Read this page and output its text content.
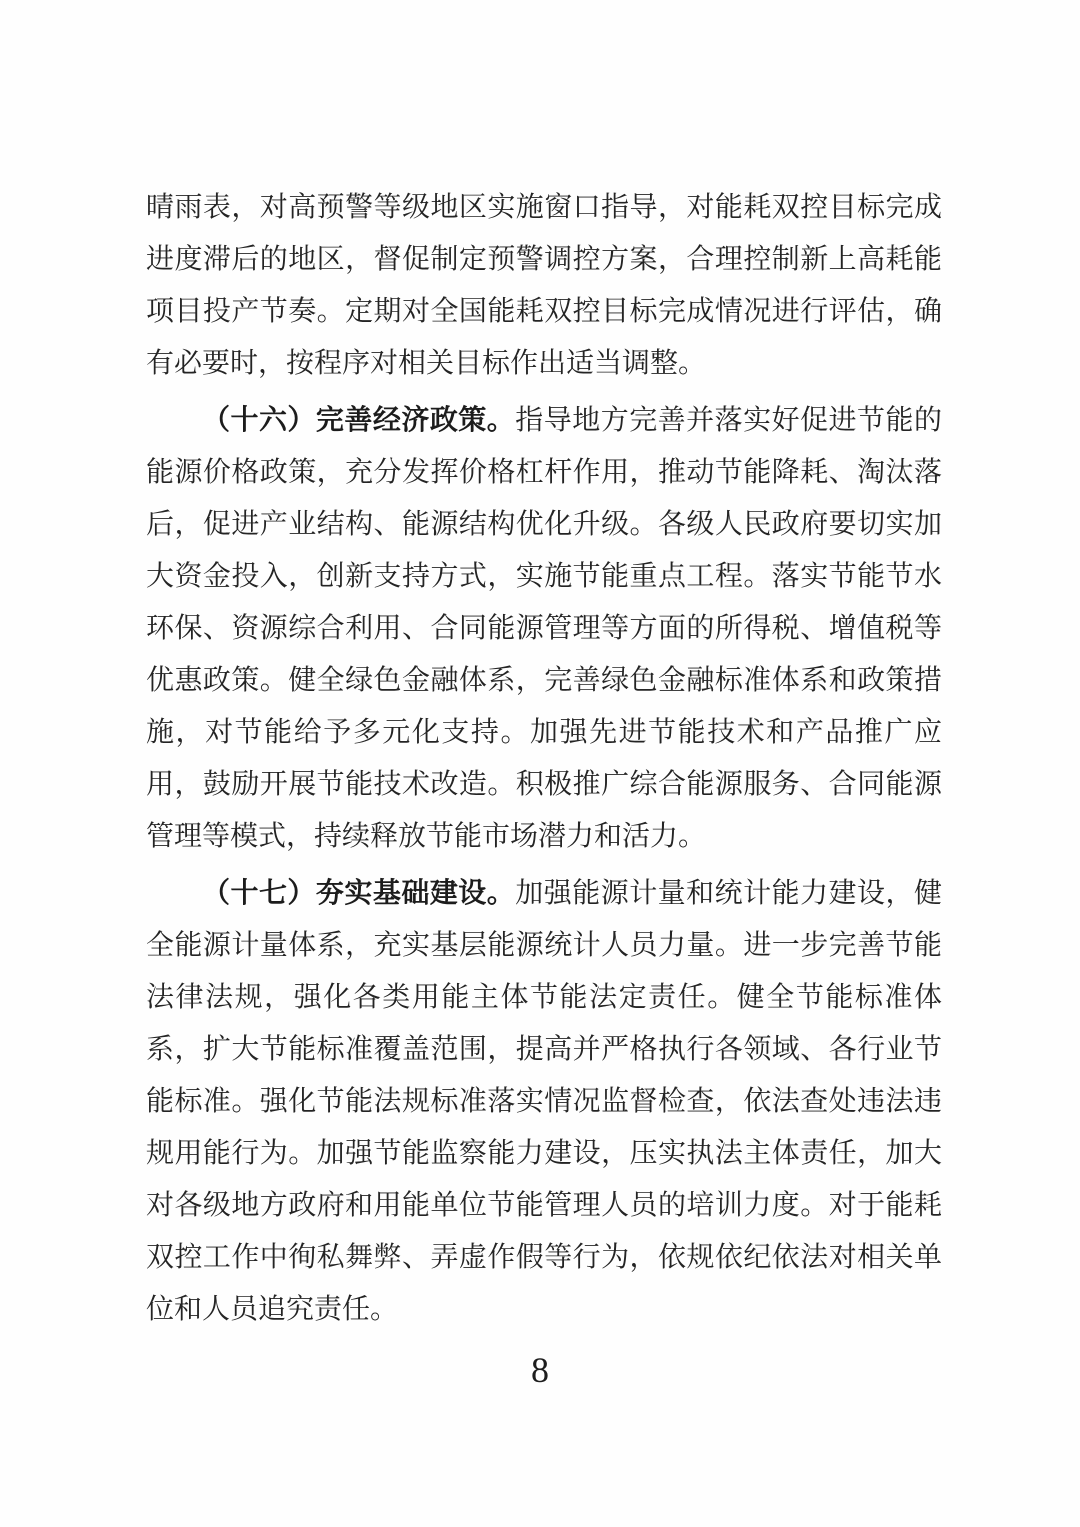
晴雨表，对高预警等级地区实施窗口指导，对能耗双控目标完成进度滞后的地区，督促制定预警调控方案，合理控制新上高耗能项目投产节奏。定期对全国能耗双控目标完成情况进行评估，确有必要时，按程序对相关目标作出适当调整。

（十六）完善经济政策。指导地方完善并落实好促进节能的能源价格政策，充分发挥价格杠杆作用，推动节能降耗、淘汰落后，促进产业结构、能源结构优化升级。各级人民政府要切实加大资金投入，创新支持方式，实施节能重点工程。落实节能节水环保、资源综合利用、合同能源管理等方面的所得税、增值税等优惠政策。健全绿色金融体系，完善绿色金融标准体系和政策措施，对节能给予多元化支持。加强先进节能技术和产品推广应用，鼓励开展节能技术改造。积极推广综合能源服务、合同能源管理等模式，持续释放节能市场潜力和活力。

（十七）夯实基础建设。加强能源计量和统计能力建设，健全能源计量体系，充实基层能源统计人员力量。进一步完善节能法律法规，强化各类用能主体节能法定责任。健全节能标准体系，扩大节能标准覆盖范围，提高并严格执行各领域、各行业节能标准。强化节能法规标准落实情况监督检查，依法查处违法违规用能行为。加强节能监察能力建设，压实执法主体责任，加大对各级地方政府和用能单位节能管理人员的培训力度。对于能耗双控工作中徇私舞弊、弄虚作假等行为，依规依纪依法对相关单位和人员追究责任。

8
